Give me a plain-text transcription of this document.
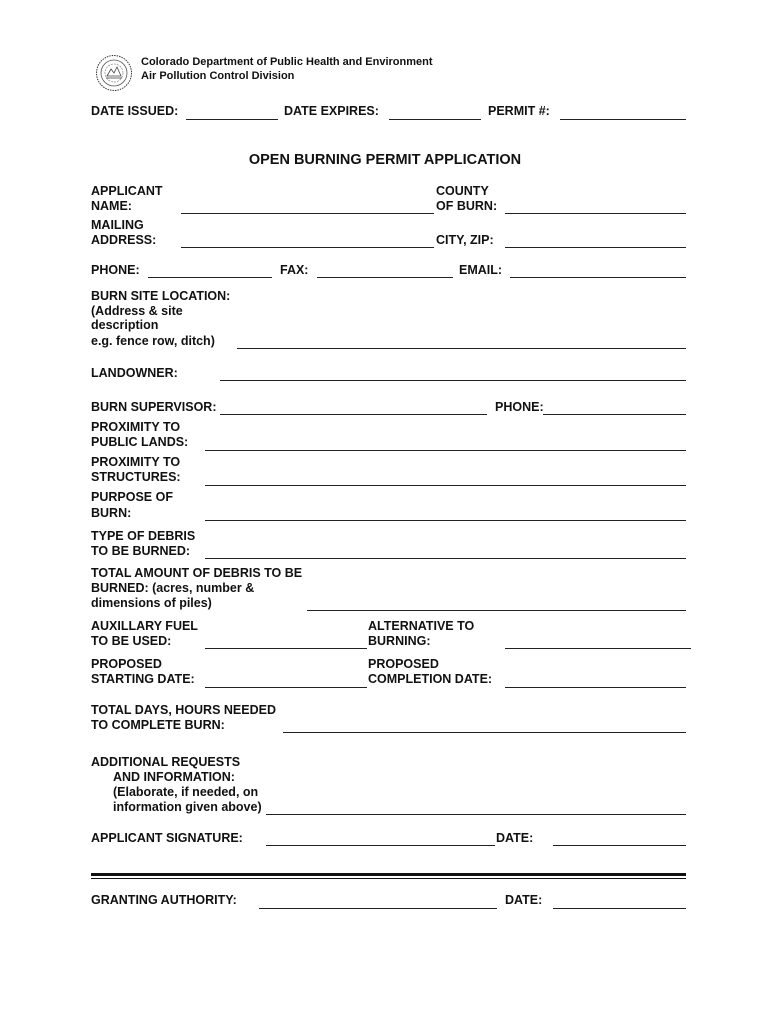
Colorado Department of Public Health and Environment
Air Pollution Control Division
DATE ISSUED:	DATE EXPIRES:	PERMIT #:
OPEN BURNING PERMIT APPLICATION
APPLICANT
NAME:
COUNTY
OF BURN:
MAILING
ADDRESS:	CITY, ZIP:
PHONE:	FAX:	EMAIL:
BURN SITE LOCATION:
(Address & site
description
e.g. fence row, ditch)
LANDOWNER:
BURN SUPERVISOR:	PHONE:
PROXIMITY TO
PUBLIC LANDS:
PROXIMITY TO
STRUCTURES:
PURPOSE OF
BURN:
TYPE OF DEBRIS
TO BE BURNED:
TOTAL AMOUNT OF DEBRIS TO BE
BURNED: (acres, number &
dimensions of piles)
AUXILLARY FUEL
TO BE USED:
ALTERNATIVE TO
BURNING:
PROPOSED
STARTING DATE:
PROPOSED
COMPLETION DATE:
TOTAL DAYS, HOURS NEEDED
TO COMPLETE BURN:
ADDITIONAL REQUESTS
AND INFORMATION:
(Elaborate, if needed, on
information given above)
APPLICANT SIGNATURE:	DATE:
GRANTING AUTHORITY:	DATE:
